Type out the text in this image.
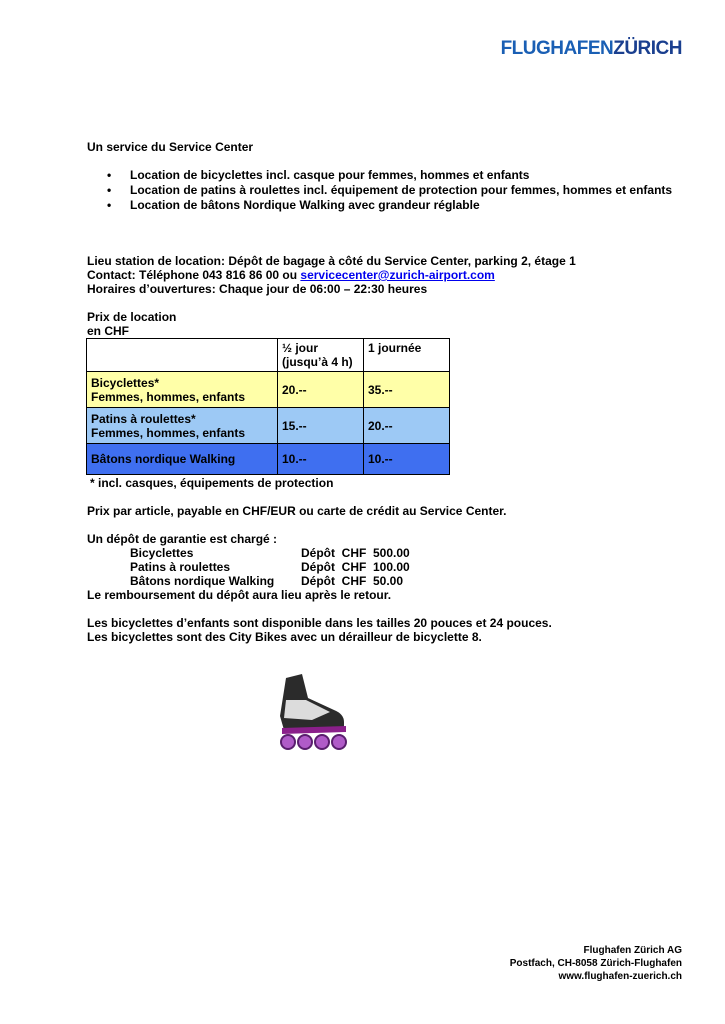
FLUGHAFENZÜRICH
Un service du Service Center
• Location de bicyclettes incl. casque pour femmes, hommes et enfants
• Location de patins à roulettes incl. équipement de protection pour femmes, hommes et enfants
• Location de bâtons Nordique Walking avec grandeur réglable
Lieu station de location: Dépôt de bagage à côté du Service Center, parking 2, étage 1
Contact: Téléphone 043 816 86 00 ou servicecenter@zurich-airport.com
Horaires d’ouvertures: Chaque jour de 06:00 – 22:30 heures
Prix de location
en CHF
	½ jour (jusqu’à 4 h)	1 journée

Bicyclettes*
Femmes, hommes, enfants	20.--	35.--

Patins à roulettes*
Femmes, hommes, enfants	15.--	20.--
Bâtons nordique Walking	10.--	10.--
* incl. casques, équipements de protection
Prix par article, payable en CHF/EUR ou carte de crédit au Service Center.
Un dépôt de garantie est chargé :
Bicyclettes	Dépôt  CHF  500.00
Patins à roulettes	Dépôt  CHF  100.00
Bâtons nordique Walking Dépôt  CHF  50.00
Le remboursement du dépôt aura lieu après le retour.
Les bicyclettes d’enfants sont disponible dans les tailles 20 pouces et 24 pouces.
Les bicyclettes sont des City Bikes avec un dérailleur de bicyclette 8.
Flughafen Zürich AG
Postfach, CH-8058 Zürich-Flughafen
www.flughafen-zuerich.ch
